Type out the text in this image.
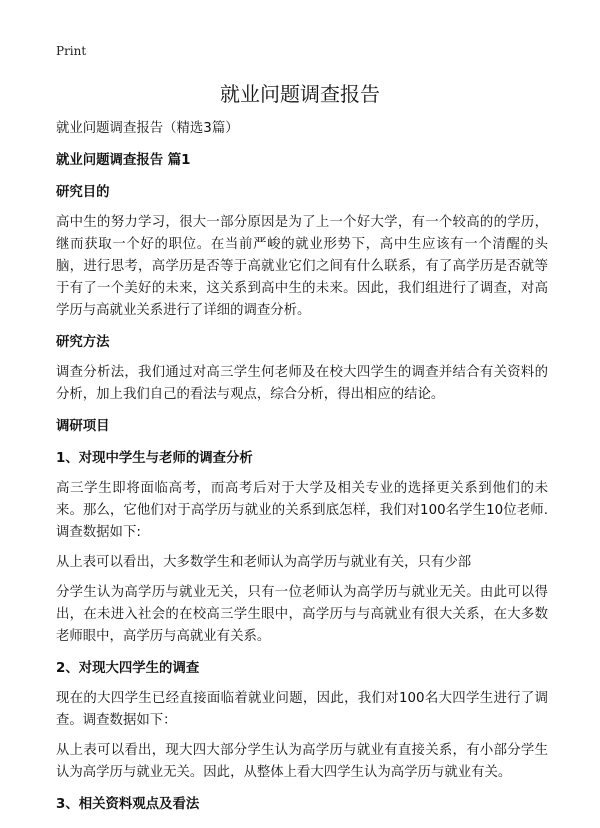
Print
就业问题调查报告

就业问题调查报告（精选3篇）

就业问题调查报告 篇1

研究目的

高中生的努力学习，很大一部分原因是为了上一个好大学，有一个较高的的学历，继而获取一个好的职位。在当前严峻的就业形势下，高中生应该有一个清醒的头脑，进行思考，高学历是否等于高就业它们之间有什么联系，有了高学历是否就等于有了一个美好的未来，这关系到高中生的未来。因此，我们组进行了调查，对高学历与高就业关系进行了详细的调查分析。

研究方法

调查分析法，我们通过对高三学生何老师及在校大四学生的调查并结合有关资料的分析，加上我们自己的看法与观点，综合分析，得出相应的结论。

调研项目

1、对现中学生与老师的调查分析

高三学生即将面临高考，而高考后对于大学及相关专业的选择更关系到他们的未来。那么，它他们对于高学历与就业的关系到底怎样，我们对100名学生10位老师.调查数据如下:

从上表可以看出，大多数学生和老师认为高学历与就业有关，只有少部

分学生认为高学历与就业无关，只有一位老师认为高学历与就业无关。由此可以得出，在未进入社会的在校高三学生眼中，高学历与与高就业有很大关系，在大多数老师眼中，高学历与高就业有关系。

2、对现大四学生的调查

现在的大四学生已经直接面临着就业问题，因此，我们对100名大四学生进行了调查。调查数据如下：

从上表可以看出，现大四大部分学生认为高学历与就业有直接关系，有小部分学生认为高学历与就业无关。因此，从整体上看大四学生认为高学历与就业有关。

3、相关资料观点及看法
